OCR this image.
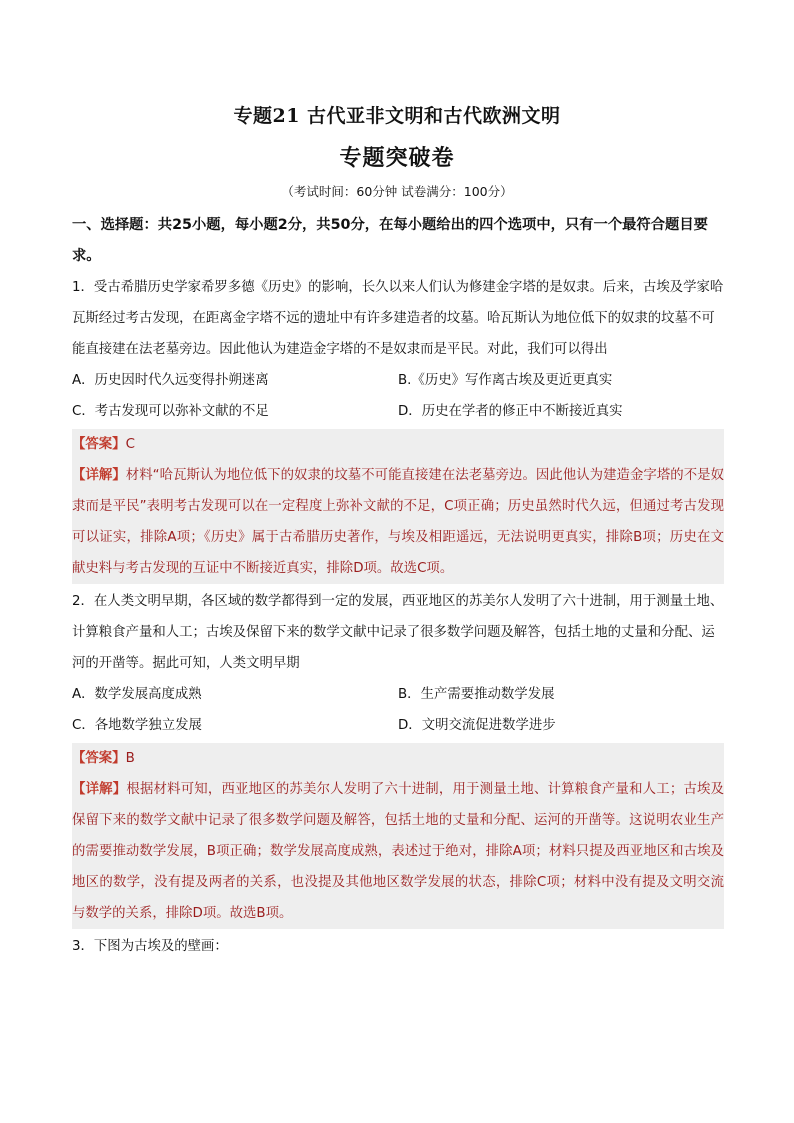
专题21 古代亚非文明和古代欧洲文明
专题突破卷
（考试时间：60分钟 试卷满分：100分）
一、选择题：共25小题，每小题2分，共50分，在每小题给出的四个选项中，只有一个最符合题目要求。

1．受古希腊历史学家希罗多德《历史》的影响，长久以来人们认为修建金字塔的是奴隶。后来，古埃及学家哈瓦斯经过考古发现，在距离金字塔不远的遗址中有许多建造者的坟墓。哈瓦斯认为地位低下的奴隶的坟墓不可能直接建在法老墓旁边。因此他认为建造金字塔的不是奴隶而是平民。对此，我们可以得出

A．历史因时代久远变得扑朔迷离	B.《历史》写作离古埃及更近更真实
C．考古发现可以弥补文献的不足	D．历史在学者的修正中不断接近真实
【答案】C
【详解】材料“哈瓦斯认为地位低下的奴隶的坟墓不可能直接建在法老墓旁边。因此他认为建造金字塔的不是奴隶而是平民”表明考古发现可以在一定程度上弥补文献的不足，C项正确；历史虽然时代久远，但通过考古发现可以证实，排除A项；《历史》属于古希腊历史著作，与埃及相距遥远，无法说明更真实，排除B项；历史在文献史料与考古发现的互证中不断接近真实，排除D项。故选C项。

2．在人类文明早期，各区域的数学都得到一定的发展，西亚地区的苏美尔人发明了六十进制，用于测量土地、计算粮食产量和人工；古埃及保留下来的数学文献中记录了很多数学问题及解答，包括土地的丈量和分配、运河的开凿等。据此可知，人类文明早期

A．数学发展高度成熟	B．生产需要推动数学发展
C．各地数学独立发展	D．文明交流促进数学进步
【答案】B
【详解】根据材料可知，西亚地区的苏美尔人发明了六十进制，用于测量土地、计算粮食产量和人工；古埃及保留下来的数学文献中记录了很多数学问题及解答，包括土地的丈量和分配、运河的开凿等。这说明农业生产的需要推动数学发展，B项正确；数学发展高度成熟，表述过于绝对，排除A项；材料只提及西亚地区和古埃及地区的数学，没有提及两者的关系，也没提及其他地区数学发展的状态，排除C项；材料中没有提及文明交流与数学的关系，排除D项。故选B项。

3．下图为古埃及的壁画：
